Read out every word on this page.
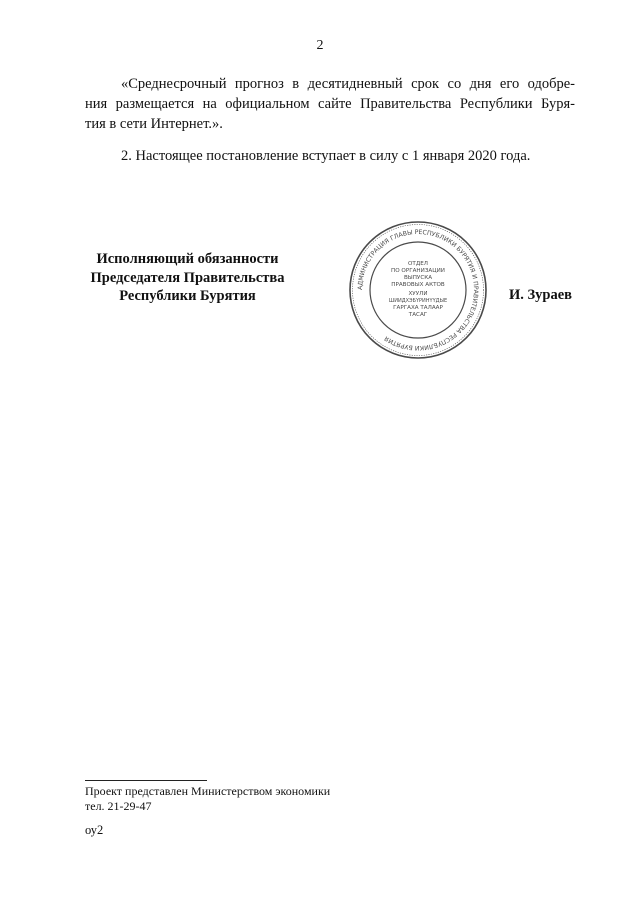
2
«Среднесрочный прогноз в десятидневный срок со дня его одобре-
ния размещается на официальном сайте Правительства Республики Буря-
тия в сети Интернет.».
2. Настоящее постановление вступает в силу с 1 января 2020 года.
Исполняющий обязанности
Председателя Правительства
Республики Бурятия
АДМИНИСТРАЦИЯ ГЛАВЫ РЕСПУБЛИКИ БУРЯТИЯ И ПРАВИТЕЛЬСТВА РЕСПУБЛИКИ БУРЯТИЯ
ОТДЕЛ
ПО ОРГАНИЗАЦИИ
ВЫПУСКА
ПРАВОВЫХ АКТОВ
ХУУЛИ
ШИИДХЭБҮРИНҮҮДЫЕ
ГАРГАХА ТАЛААР
ТАСАГ
И. Зураев
Проект представлен Министерством экономики
тел. 21-29-47
оу2
